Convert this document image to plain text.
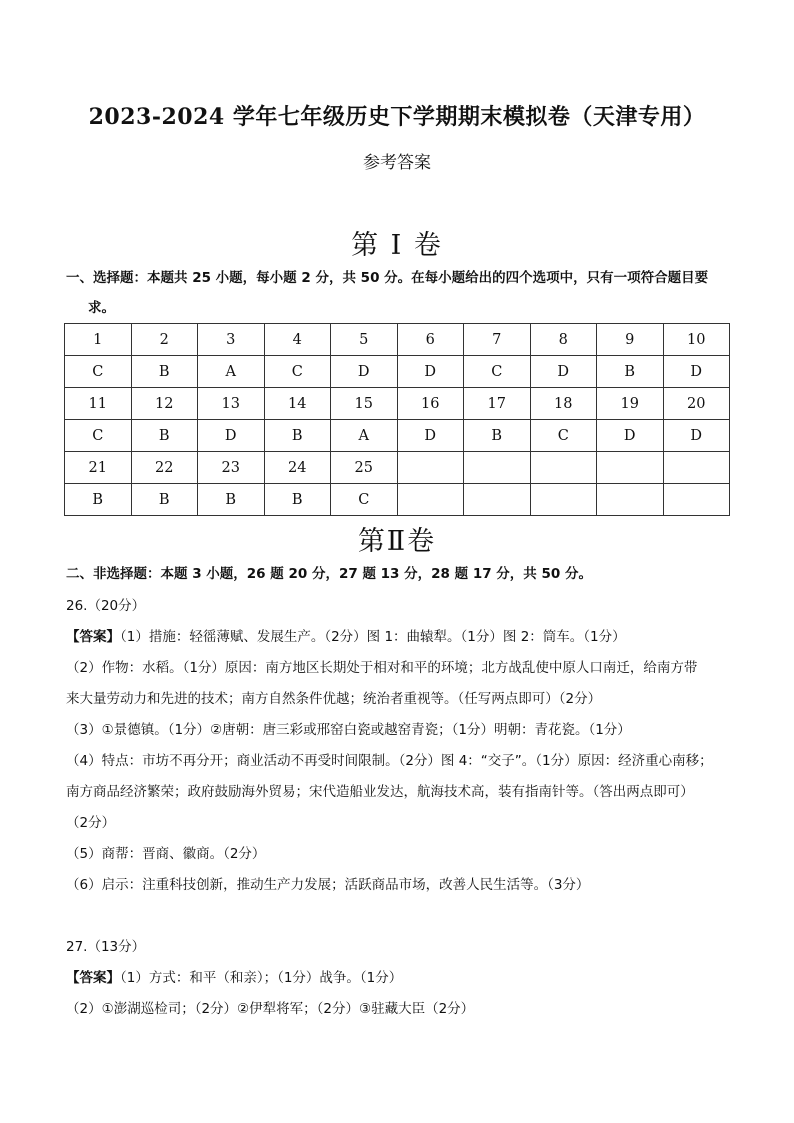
2023-2024 学年七年级历史下学期期末模拟卷（天津专用）
参考答案
第 I 卷
一、选择题：本题共 25 小题，每小题 2 分，共 50 分。在每小题给出的四个选项中，只有一项符合题目要
求。
1	2	3	4	5	6	7	8	9	10
C	B	A	C	D	D	C	D	B	D
11	12	13	14	15	16	17	18	19	20
C	B	D	B	A	D	B	C	D	D
21	22	23	24	25					
B	B	B	B	C					
第Ⅱ卷
二、非选择题：本题 3 小题，26 题 20 分，27 题 13 分，28 题 17 分，共 50 分。
26.（20分）
【答案】（1）措施：轻徭薄赋、发展生产。（2分）图 1：曲辕犁。（1分）图 2：筒车。（1分）
（2）作物：水稻。（1分）原因：南方地区长期处于相对和平的环境；北方战乱使中原人口南迁，给南方带
来大量劳动力和先进的技术；南方自然条件优越；统治者重视等。（任写两点即可）（2分）
（3）①景德镇。（1分）②唐朝：唐三彩或邢窑白瓷或越窑青瓷；（1分）明朝：青花瓷。（1分）
（4）特点：市坊不再分开；商业活动不再受时间限制。（2分）图 4：“交子”。（1分）原因：经济重心南移；
南方商品经济繁荣；政府鼓励海外贸易；宋代造船业发达，航海技术高，装有指南针等。（答出两点即可）
（2分）
（5）商帮：晋商、徽商。（2分）
（6）启示：注重科技创新，推动生产力发展；活跃商品市场，改善人民生活等。（3分）
27.（13分）
【答案】（1）方式：和平（和亲）；（1分）战争。（1分）
（2）①澎湖巡检司；（2分）②伊犁将军；（2分）③驻藏大臣（2分）
